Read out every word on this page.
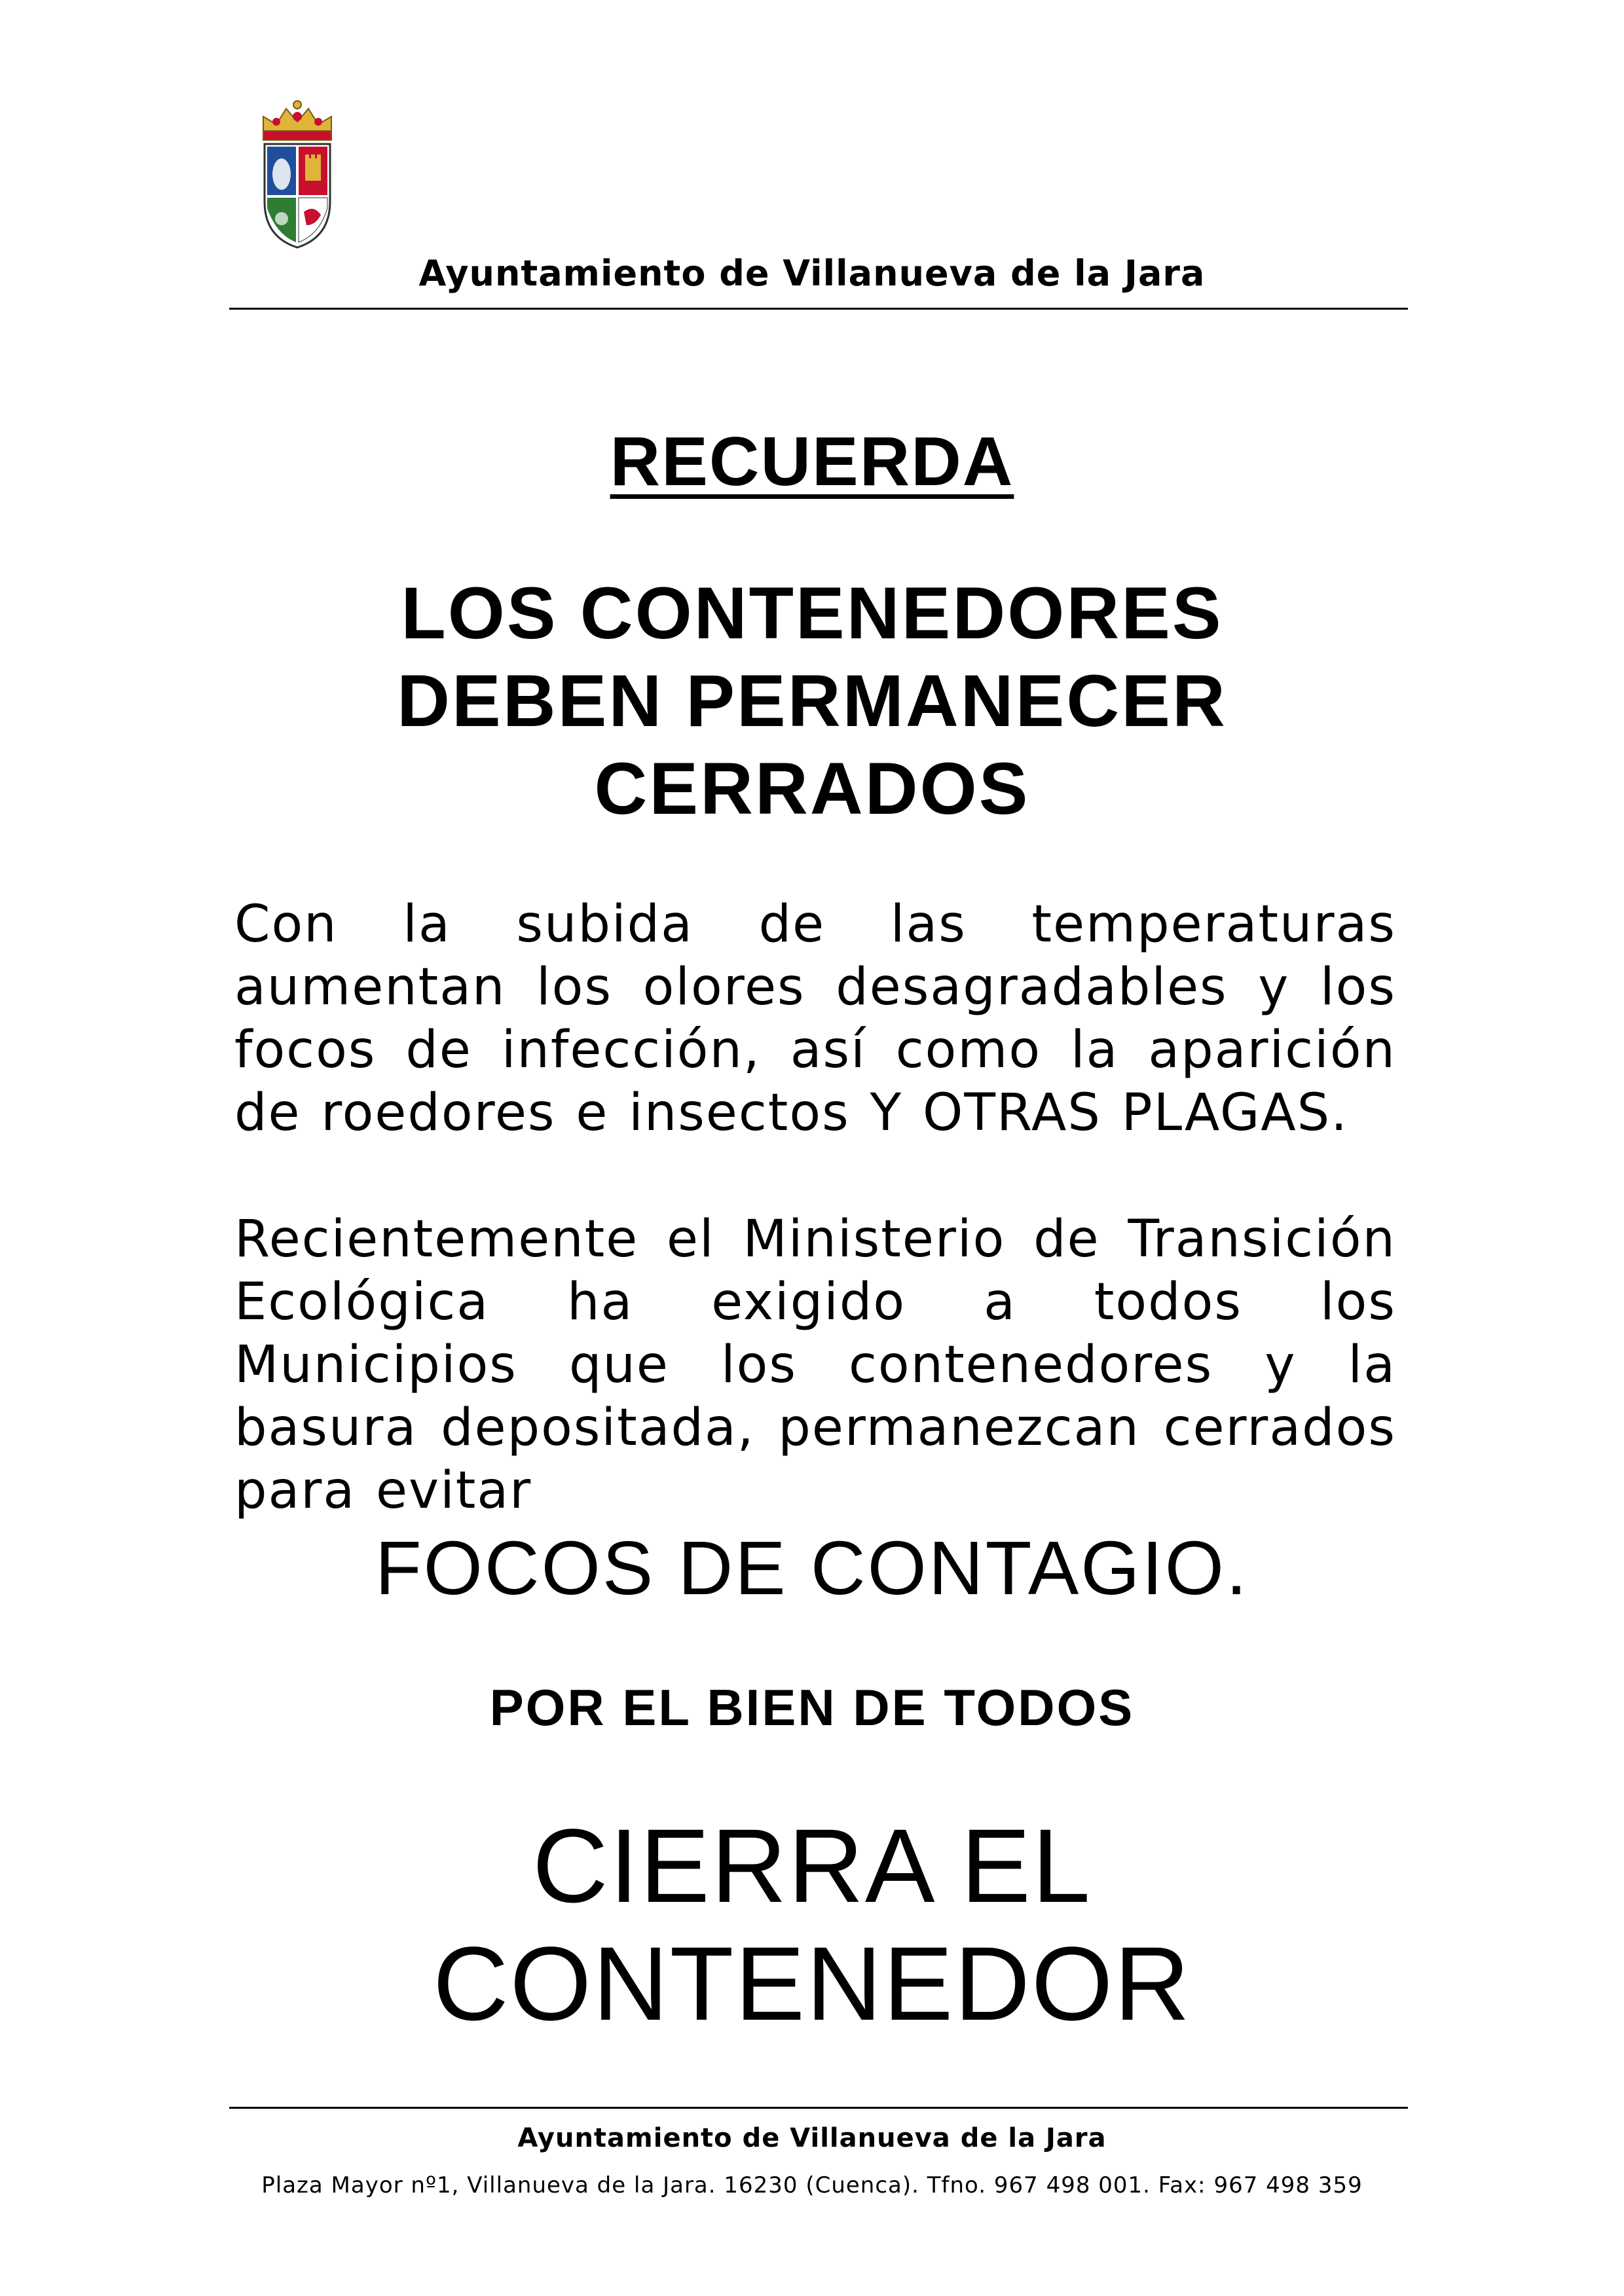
Ayuntamiento de Villanueva de la Jara
RECUERDA
LOS CONTENEDORES
DEBEN PERMANECER
CERRADOS
Con la subida de las temperaturas aumentan los olores desagradables y los focos de infección, así como la aparición de roedores e insectos Y OTRAS PLAGAS.
Recientemente el Ministerio de Transición Ecológica ha exigido a todos los Municipios que los contenedores y la basura depositada, permanezcan cerrados para evitar
FOCOS DE CONTAGIO.
POR EL BIEN DE TODOS
CIERRA EL
CONTENEDOR
Ayuntamiento de Villanueva de la Jara
Plaza Mayor nº1, Villanueva de la Jara. 16230 (Cuenca). Tfno. 967 498 001. Fax: 967 498 359
